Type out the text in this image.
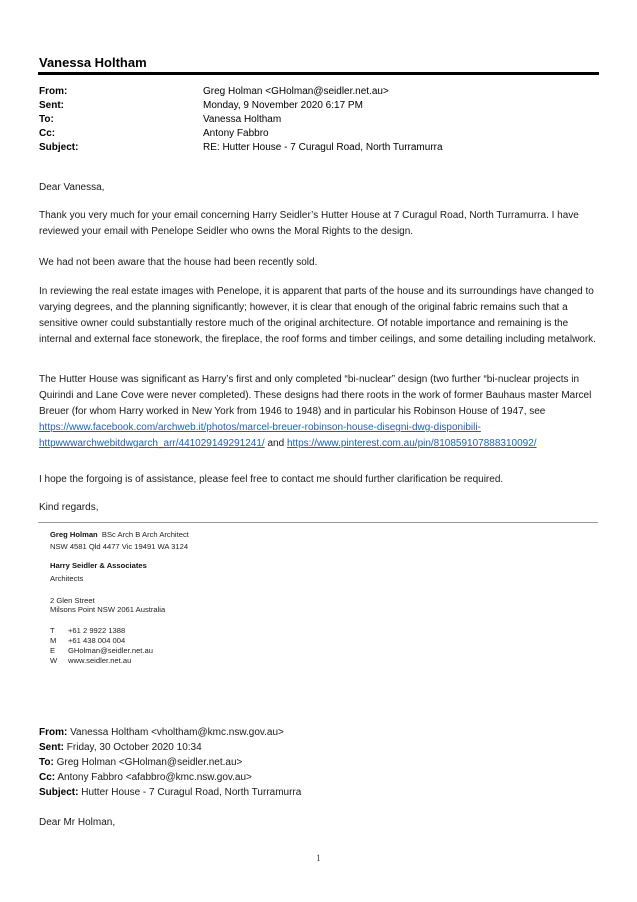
Vanessa Holtham
From:	Greg Holman <GHolman@seidler.net.au>
Sent:	Monday, 9 November 2020 6:17 PM
To:	Vanessa Holtham
Cc:	Antony Fabbro
Subject:	RE: Hutter House - 7 Curagul Road, North Turramurra

Dear Vanessa,

Thank you very much for your email concerning Harry Seidler’s Hutter House at 7 Curagul Road, North Turramurra. I have reviewed your email with Penelope Seidler who owns the Moral Rights to the design.

We had not been aware that the house had been recently sold.

In reviewing the real estate images with Penelope, it is apparent that parts of the house and its surroundings have changed to varying degrees, and the planning significantly; however, it is clear that enough of the original fabric remains such that a sensitive owner could substantially restore much of the original architecture. Of notable importance and remaining is the internal and external face stonework, the fireplace, the roof forms and timber ceilings, and some detailing including metalwork.

The Hutter House was significant as Harry’s first and only completed “bi-nuclear” design (two further “bi-nuclear projects in Quirindi and Lane Cove were never completed). These designs had there roots in the work of former Bauhaus master Marcel Breuer (for whom Harry worked in New York from 1946 to 1948) and in particular his Robinson House of 1947, see https://www.facebook.com/archweb.it/photos/marcel-breuer-robinson-house-disegni-dwg-disponibili-httpwwwarchwebitdwgarch_arr/441029149291241/ and https://www.pinterest.com.au/pin/81085910788831009​2/

I hope the forgoing is of assistance, please feel free to contact me should further clarification be required.

Kind regards,

Greg Holman BSc Arch B Arch Architect
NSW 4581 Qld 4477 Vic 19491 WA 3124
Harry Seidler & Associates
Architects
2 Glen Street
Milsons Point NSW 2061 Australia
T +61 2 9922 1388
M +61 438 004 004
E GHolman@seidler.net.au
W www.seidler.net.au
From: Vanessa Holtham <vholtham@kmc.nsw.gov.au>
Sent: Friday, 30 October 2020 10:34
To: Greg Holman <GHolman@seidler.net.au>
Cc: Antony Fabbro <afabbro@kmc.nsw.gov.au>
Subject: Hutter House - 7 Curagul Road, North Turramurra
Dear Mr Holman,
1
